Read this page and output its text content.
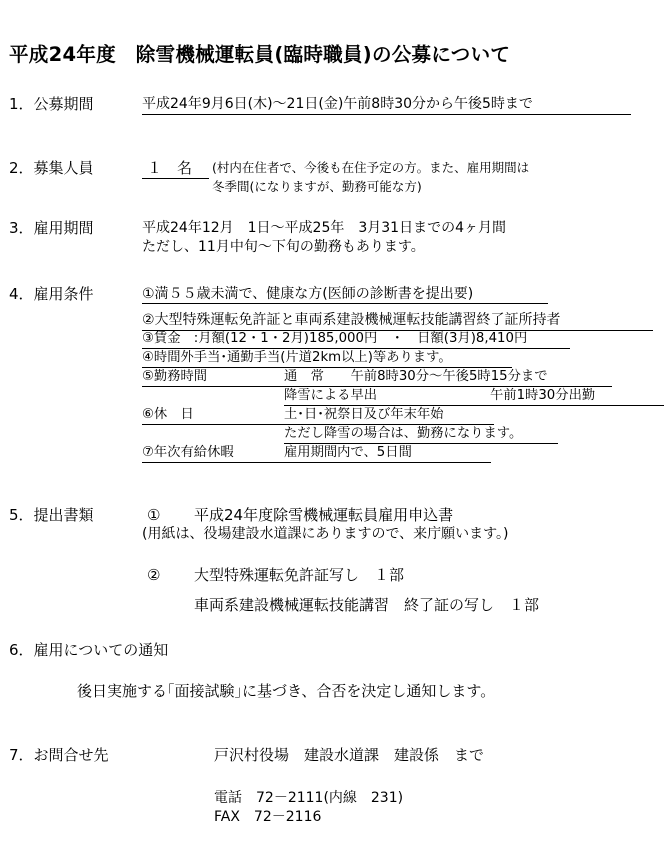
平成24年度　除雪機械運転員(臨時職員)の公募について
1．公募期間	平成24年9月6日(木)～21日(金)午前8時30分から午後5時まで
2．募集人員	１　名 (村内在住者で、今後も在住予定の方。また、雇用期間は
冬季間(になりますが、勤務可能な方)
3．雇用期間	平成24年12月　1日～平成25年　3月31日までの4ヶ月間
ただし、11月中旬～下旬の勤務もあります。
4．雇用条件	①満５５歳未満で、健康な方(医師の診断書を提出要)
②大型特殊運転免許証と車両系建設機械運転技能講習終了証所持者
③賃金　:月額(12・1・2月)185,000円　・　日額(3月)8,410円
④時間外手当･通勤手当(片道2km以上)等あります。
⑤勤務時間	通　常　　午前8時30分～午後5時15分まで
降雪による早出	午前1時30分出勤
⑥休　日	土･日･祝祭日及び年末年始
ただし降雪の場合は、勤務になります。
⑦年次有給休暇	雇用期間内で、5日間
5．提出書類	① 平成24年度除雪機械運転員雇用申込書
(用紙は、役場建設水道課にありますので、来庁願います。)
② 大型特殊運転免許証写し　１部
車両系建設機械運転技能講習　終了証の写し　１部
6．雇用についての通知
後日実施する｢面接試験｣に基づき、合否を決定し通知します。
7．お問合せ先	戸沢村役場　建設水道課　建設係　まで
電話　72－2111(内線　231)
FAX　72－2116
